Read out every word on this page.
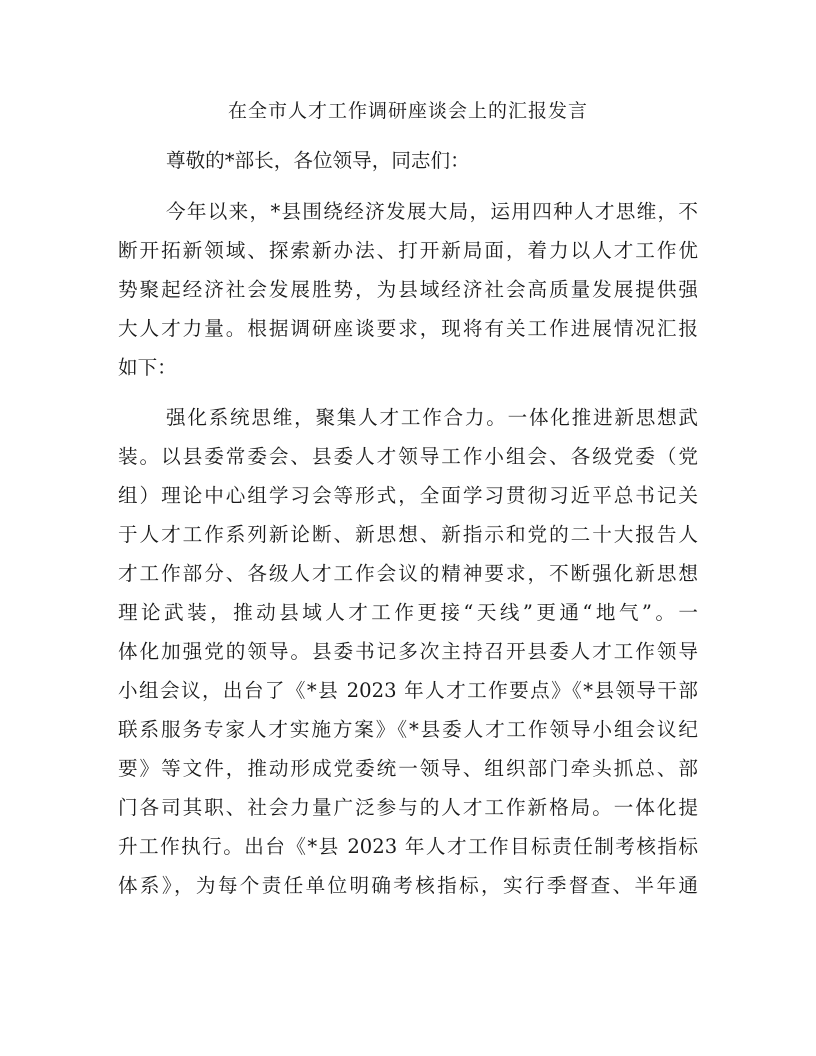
在全市人才工作调研座谈会上的汇报发言
尊敬的*部长，各位领导，同志们：
今年以来，*县围绕经济发展大局，运用四种人才思维，不
断开拓新领域、探索新办法、打开新局面，着力以人才工作优
势聚起经济社会发展胜势，为县域经济社会高质量发展提供强
大人才力量。根据调研座谈要求，现将有关工作进展情况汇报
如下：
强化系统思维，聚集人才工作合力。一体化推进新思想武
装。以县委常委会、县委人才领导工作小组会、各级党委（党
组）理论中心组学习会等形式，全面学习贯彻习近平总书记关
于人才工作系列新论断、新思想、新指示和党的二十大报告人
才工作部分、各级人才工作会议的精神要求，不断强化新思想
理论武装，推动县域人才工作更接“天线”更通“地气”。一
体化加强党的领导。县委书记多次主持召开县委人才工作领导
小组会议，出台了《*县 2023 年人才工作要点》《*县领导干部
联系服务专家人才实施方案》《*县委人才工作领导小组会议纪
要》等文件，推动形成党委统一领导、组织部门牵头抓总、部
门各司其职、社会力量广泛参与的人才工作新格局。一体化提
升工作执行。出台《*县 2023 年人才工作目标责任制考核指标
体系》，为每个责任单位明确考核指标，实行季督查、半年通
